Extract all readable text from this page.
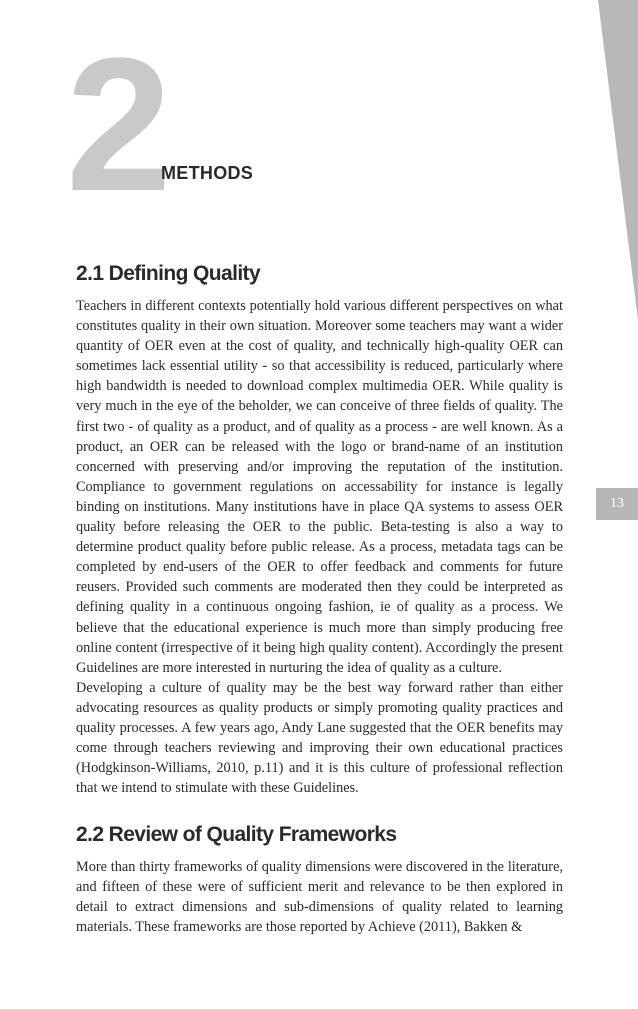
13
2
METHODS
2.1 Defining Quality

Teachers in different contexts potentially hold various different perspectives on what constitutes quality in their own situation. Moreover some teachers may want a wider quantity of OER even at the cost of quality, and technically high-quality OER can sometimes lack essential utility - so that accessibility is reduced, particularly where high bandwidth is needed to download complex multimedia OER. While quality is very much in the eye of the beholder, we can conceive of three fields of quality. The first two - of quality as a product, and of quality as a process - are well known. As a product, an OER can be released with the logo or brand-name of an institution concerned with preserving and/or improving the reputation of the institution. Compliance to government regulations on accessability for instance is legally binding on institutions. Many institutions have in place QA systems to assess OER quality before releasing the OER to the public. Beta-testing is also a way to determine product quality before public release. As a process, metadata tags can be completed by end-users of the OER to offer feedback and comments for future reusers. Provided such comments are moderated then they could be interpreted as defining quality in a continuous ongoing fashion, ie of quality as a process. We believe that the educational experience is much more than simply producing free online content (irrespective of it being high quality content). Accordingly the present Guidelines are more interested in nurturing the idea of quality as a culture.

Developing a culture of quality may be the best way forward rather than either advocating resources as quality products or simply promoting quality practices and quality processes. A few years ago, Andy Lane suggested that the OER benefits may come through teachers reviewing and improving their own educational practices (Hodgkinson-Williams, 2010, p.11) and it is this culture of professional reflection that we intend to stimulate with these Guidelines.

2.2 Review of Quality Frameworks

More than thirty frameworks of quality dimensions were discovered in the literature, and fifteen of these were of sufficient merit and relevance to be then explored in detail to extract dimensions and sub-dimensions of quality related to learning materials. These frameworks are those reported by Achieve (2011), Bakken &
